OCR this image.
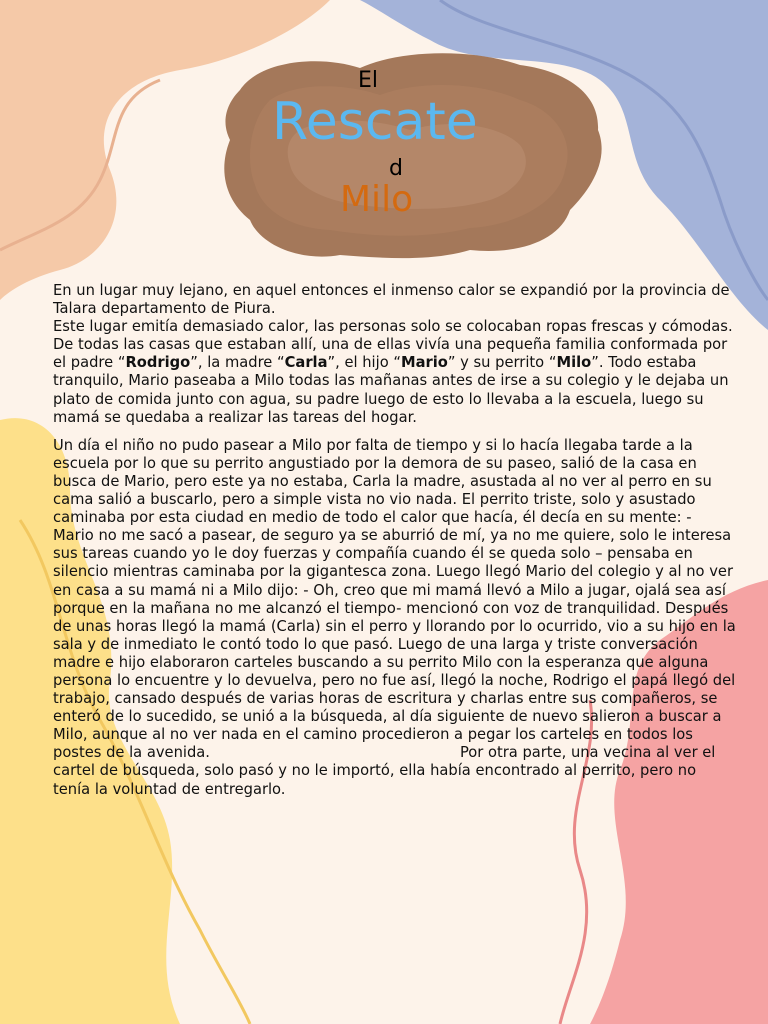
El
Rescate
d
Milo

En un lugar muy lejano, en aquel entonces el inmenso calor se expandió por la provincia de Talara departamento de Piura.

Este lugar emitía demasiado calor, las personas solo se colocaban ropas frescas y cómodas. De todas las casas que estaban allí, una de ellas vivía una pequeña familia conformada por el padre “Rodrigo”, la madre “Carla”, el hijo “Mario” y su perrito “Milo”. Todo estaba tranquilo, Mario paseaba a Milo todas las mañanas antes de irse a su colegio y le dejaba un plato de comida junto con agua, su padre luego de esto lo llevaba a la escuela, luego su mamá se quedaba a realizar las tareas del hogar.

Un día el niño no pudo pasear a Milo por falta de tiempo y si lo hacía llegaba tarde a la escuela por lo que su perrito angustiado por la demora de su paseo, salió de la casa en busca de Mario, pero este ya no estaba, Carla la madre, asustada al no ver al perro en su cama salió a buscarlo, pero a simple vista no vio nada. El perrito triste, solo y asustado caminaba por esta ciudad en medio de todo el calor que hacía, él decía en su mente: - Mario no me sacó a pasear, de seguro ya se aburrió de mí, ya no me quiere, solo le interesa sus tareas cuando yo le doy fuerzas y compañía cuando él se queda solo – pensaba en silencio mientras caminaba por la gigantesca zona. Luego llegó Mario del colegio y al no ver en casa a su mamá ni a Milo dijo: - Oh, creo que mi mamá llevó a Milo a jugar, ojalá sea así porque en la mañana no me alcanzó el tiempo- mencionó con voz de tranquilidad. Después de unas horas llegó la mamá (Carla) sin el perro y llorando por lo ocurrido, vio a su hijo en la sala y de inmediato le contó todo lo que pasó. Luego de una larga y triste conversación madre e hijo elaboraron carteles buscando a su perrito Milo con la esperanza que alguna persona lo encuentre y lo devuelva, pero no fue así, llegó la noche, Rodrigo el papá llegó del trabajo, cansado después de varias horas de escritura y charlas entre sus compañeros, se enteró de lo sucedido, se unió a la búsqueda, al día siguiente de nuevo salieron a buscar a Milo, aunque al no ver nada en el camino procedieron a pegar los carteles en todos los postes de la avenida.	Por otra parte, una vecina al ver el cartel de búsqueda, solo pasó y no le importó, ella había encontrado al perrito, pero no tenía la voluntad de entregarlo.
